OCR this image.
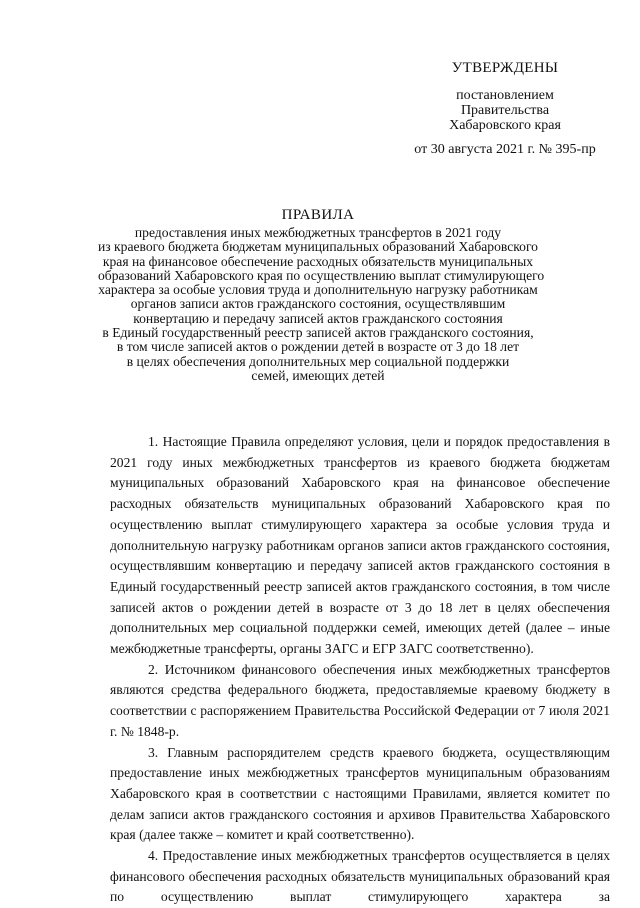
УТВЕРЖДЕНЫ
постановлением
Правительства
Хабаровского края
от 30 августа 2021 г. № 395-пр
ПРАВИЛА
предоставления иных межбюджетных трансфертов в 2021 году
из краевого бюджета бюджетам муниципальных образований Хабаровского
края на финансовое обеспечение расходных обязательств муниципальных
образований Хабаровского края по осуществлению выплат стимулирующего
характера за особые условия труда и дополнительную нагрузку работникам
органов записи актов гражданского состояния, осуществлявшим
конвертацию и передачу записей актов гражданского состояния
в Единый государственный реестр записей актов гражданского состояния,
в том числе записей актов о рождении детей в возрасте от 3 до 18 лет
в целях обеспечения дополнительных мер социальной поддержки
семей, имеющих детей

1. Настоящие Правила определяют условия, цели и порядок предоставления в 2021 году иных межбюджетных трансфертов из краевого бюджета бюджетам муниципальных образований Хабаровского края на финансовое обеспечение расходных обязательств муниципальных образований Хабаровского края по осуществлению выплат стимулирующего характера за особые условия труда и дополнительную нагрузку работникам органов записи актов гражданского состояния, осуществлявшим конвертацию и передачу записей актов гражданского состояния в Единый государственный реестр записей актов гражданского состояния, в том числе записей актов о рождении детей в возрасте от 3 до 18 лет в целях обеспечения дополнительных мер социальной поддержки семей, имеющих детей (далее – иные межбюджетные трансферты, органы ЗАГС и ЕГР ЗАГС соответственно).

2. Источником финансового обеспечения иных межбюджетных трансфертов являются средства федерального бюджета, предоставляемые краевому бюджету в соответствии с распоряжением Правительства Российской Федерации от 7 июля 2021 г. № 1848-р.

3. Главным распорядителем средств краевого бюджета, осуществляющим предоставление иных межбюджетных трансфертов муниципальным образованиям Хабаровского края в соответствии с настоящими Правилами, является комитет по делам записи актов гражданского состояния и архивов Правительства Хабаровского края (далее также – комитет и край соответственно).

4. Предоставление иных межбюджетных трансфертов осуществляется в целях финансового обеспечения расходных обязательств муниципальных образований края по осуществлению выплат стимулирующего характера за
